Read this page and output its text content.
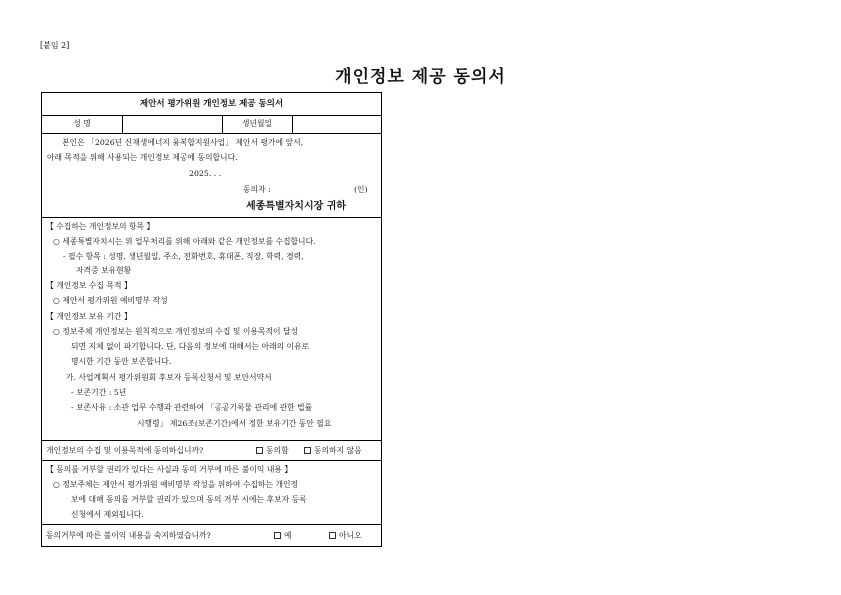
[붙임 2]
개인정보 제공 동의서
제안서 평가위원 개인정보 제공 동의서
성 명	생년월일
본인은 「2026년 신재생에너지 융복합지원사업」 제안서 평가에 앞서,
아래 목적을 위해 사용되는 개인정보 제공에 동의합니다.
2025. . .
동의자 :	(인)
세종특별자치시장 귀하
【 수집하는 개인정보의 항목 】
○ 세종특별자치시는 위 업무처리를 위해 아래와 같은 개인정보를 수집합니다.
- 필수 항목 : 성명, 생년월일, 주소, 전화번호, 휴대폰, 직장, 학력, 경력,
자격증 보유현황
【 개인정보 수집 목적 】
○ 제안서 평가위원 예비명부 작성
【 개인정보 보유 기간 】
○ 정보주체 개인정보는 원칙적으로 개인정보의 수집 및 이용목적이 달성
되면 지체 없이 파기합니다. 단, 다음의 정보에 대해서는 아래의 이유로
명시한 기간 동안 보존합니다.
가. 사업계획서 평가위원회 후보자 등록신청서 및 보안서약서
- 보존기간 : 5년
- 보존사유 : 소관 업무 수행과 관련하여 「공공기록물 관리에 관한 법률
시행령」 제26조(보존기간)에서 정한 보유기간 동안 필요
개인정보의 수집 및 이용목적에 동의하십니까?	동의함	동의하지 않음
【 동의를 거부할 권리가 있다는 사실과 동의 거부에 따른 불이익 내용 】
○ 정보주체는 제안서 평가위원 예비명부 작성을 위하여 수집하는 개인정
보에 대해 동의를 거부할 권리가 있으며 동의 거부 시에는 후보자 등록
신청에서 제외됩니다.
동의거부에 따른 불이익 내용을 숙지하였습니까?	예	아니오
